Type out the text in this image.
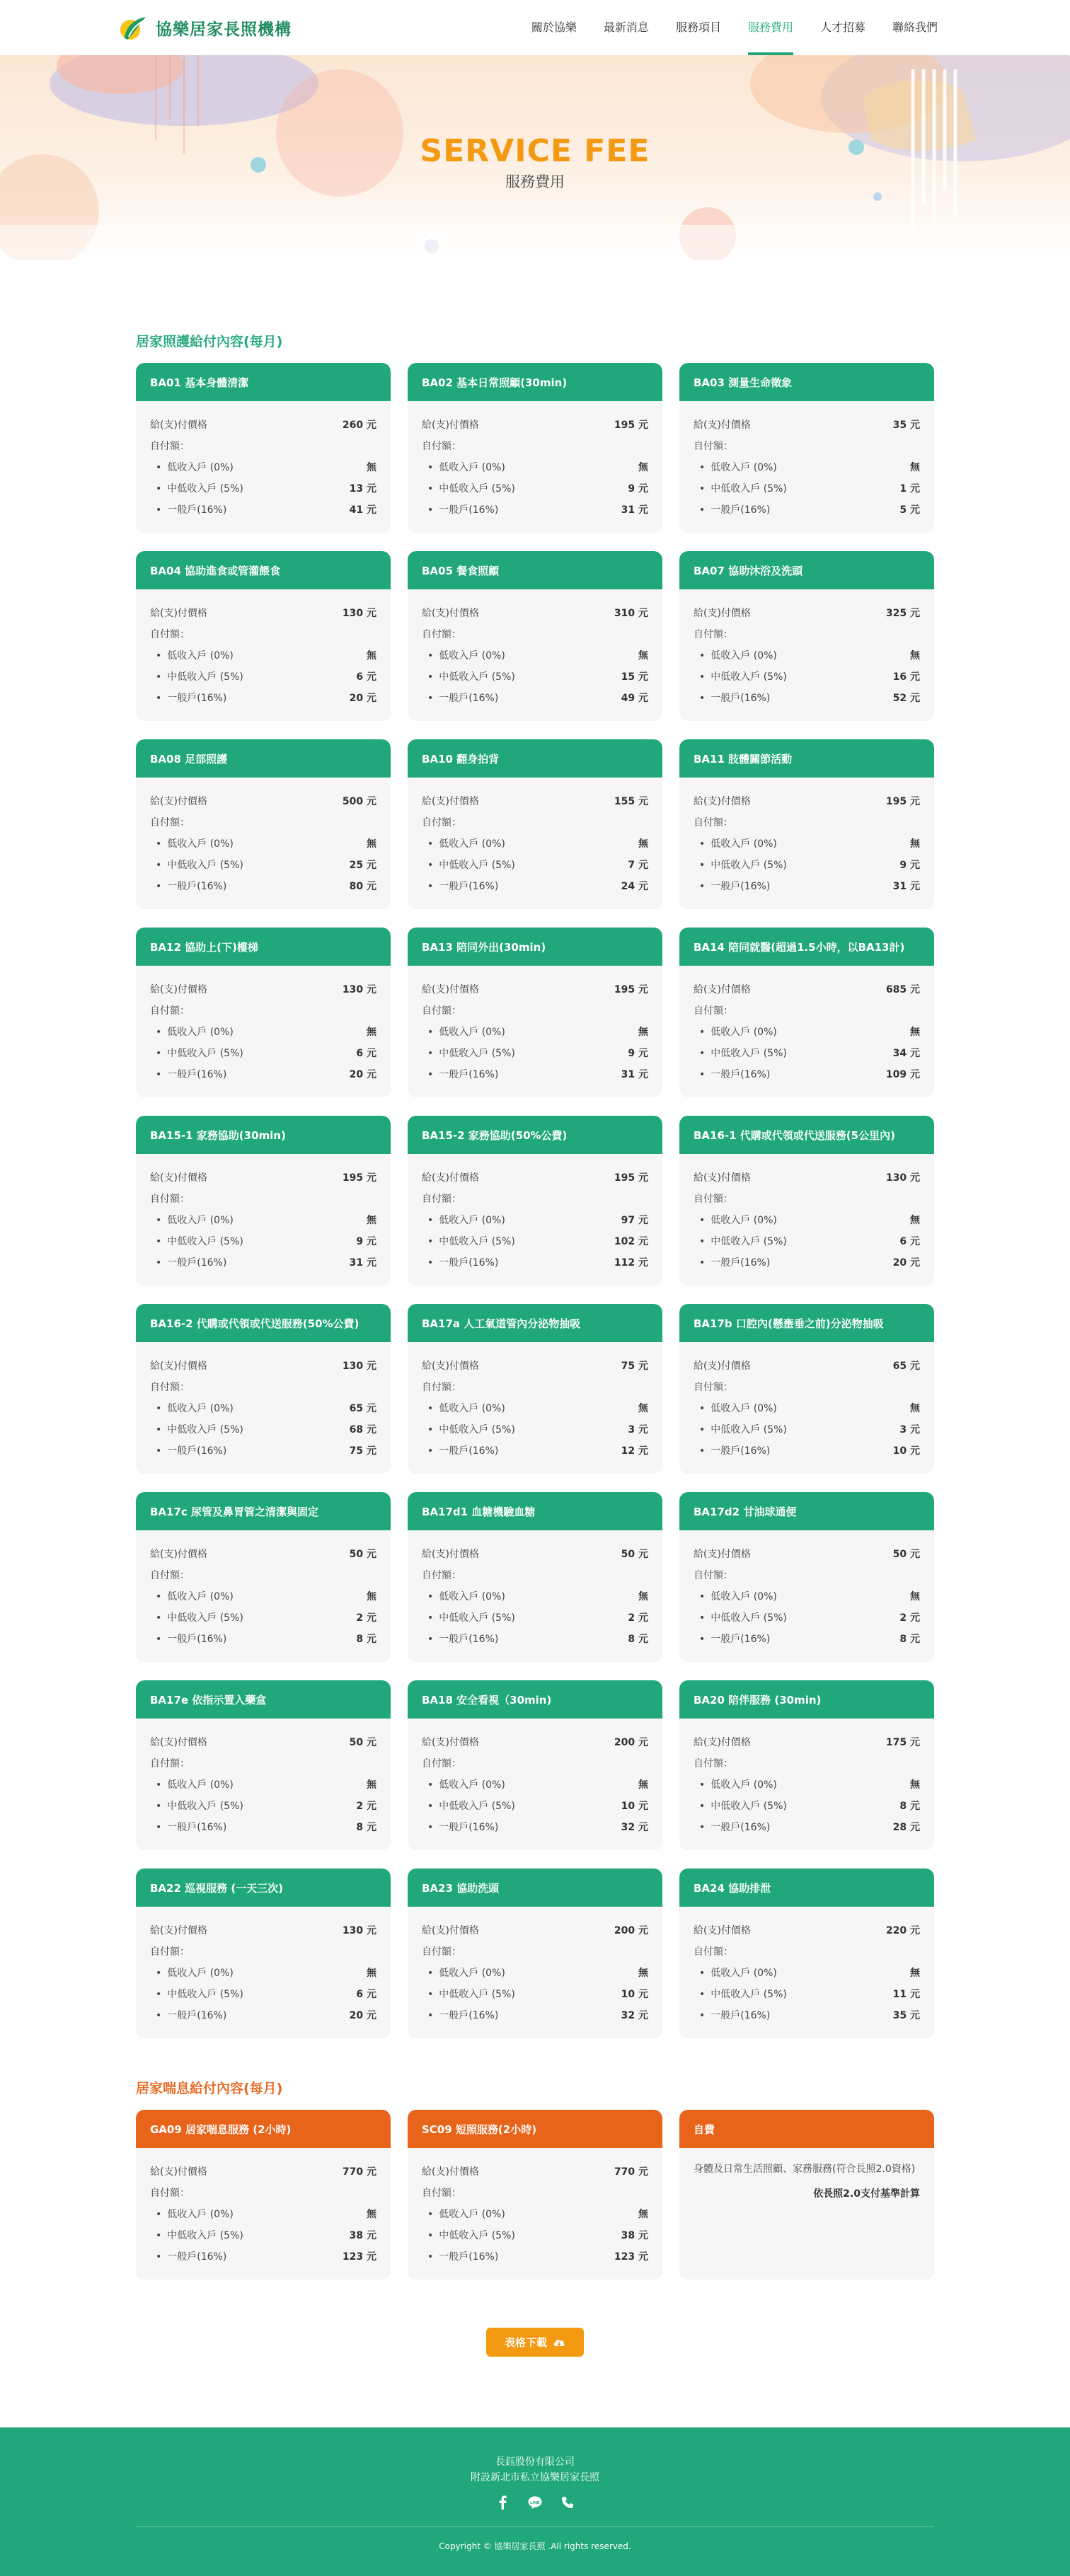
協樂居家長照機構	關於協樂	最新消息	服務項目	服務費用	人才招募	聯絡我們
SERVICE FEE
服務費用
居家照護給付內容(每月)
BA01 基本身體清潔
給(支)付價格	260 元
自付額：
• 低收入戶 (0%)	無
• 中低收入戶 (5%)	13 元
• 一般戶(16%)	41 元
BA02 基本日常照顧(30min)
給(支)付價格	195 元
自付額：
• 低收入戶 (0%)	無
• 中低收入戶 (5%)	9 元
• 一般戶(16%)	31 元
BA03 測量生命徵象
給(支)付價格	35 元
自付額：
• 低收入戶 (0%)	無
• 中低收入戶 (5%)	1 元
• 一般戶(16%)	5 元
BA04 協助進食或管灌餵食
給(支)付價格	130 元
自付額：
• 低收入戶 (0%)	無
• 中低收入戶 (5%)	6 元
• 一般戶(16%)	20 元
BA05 餐食照顧
給(支)付價格	310 元
自付額：
• 低收入戶 (0%)	無
• 中低收入戶 (5%)	15 元
• 一般戶(16%)	49 元
BA07 協助沐浴及洗頭
給(支)付價格	325 元
自付額：
• 低收入戶 (0%)	無
• 中低收入戶 (5%)	16 元
• 一般戶(16%)	52 元
BA08 足部照護
給(支)付價格	500 元
自付額：
• 低收入戶 (0%)	無
• 中低收入戶 (5%)	25 元
• 一般戶(16%)	80 元
BA10 翻身拍背
給(支)付價格	155 元
自付額：
• 低收入戶 (0%)	無
• 中低收入戶 (5%)	7 元
• 一般戶(16%)	24 元
BA11 肢體關節活動
給(支)付價格	195 元
自付額：
• 低收入戶 (0%)	無
• 中低收入戶 (5%)	9 元
• 一般戶(16%)	31 元
BA12 協助上(下)樓梯
給(支)付價格	130 元
自付額：
• 低收入戶 (0%)	無
• 中低收入戶 (5%)	6 元
• 一般戶(16%)	20 元
BA13 陪同外出(30min)
給(支)付價格	195 元
自付額：
• 低收入戶 (0%)	無
• 中低收入戶 (5%)	9 元
• 一般戶(16%)	31 元
BA14 陪同就醫(超過1.5小時，以BA13計)
給(支)付價格	685 元
自付額：
• 低收入戶 (0%)	無
• 中低收入戶 (5%)	34 元
• 一般戶(16%)	109 元
BA15-1 家務協助(30min)
給(支)付價格	195 元
自付額：
• 低收入戶 (0%)	無
• 中低收入戶 (5%)	9 元
• 一般戶(16%)	31 元
BA15-2 家務協助(50%公費)
給(支)付價格	195 元
自付額：
• 低收入戶 (0%)	97 元
• 中低收入戶 (5%)	102 元
• 一般戶(16%)	112 元
BA16-1 代購或代領或代送服務(5公里內)
給(支)付價格	130 元
自付額：
• 低收入戶 (0%)	無
• 中低收入戶 (5%)	6 元
• 一般戶(16%)	20 元
BA16-2 代購或代領或代送服務(50%公費)
給(支)付價格	130 元
自付額：
• 低收入戶 (0%)	65 元
• 中低收入戶 (5%)	68 元
• 一般戶(16%)	75 元
BA17a 人工氣道管內分泌物抽吸
給(支)付價格	75 元
自付額：
• 低收入戶 (0%)	無
• 中低收入戶 (5%)	3 元
• 一般戶(16%)	12 元
BA17b 口腔內(懸壅垂之前)分泌物抽吸
給(支)付價格	65 元
自付額：
• 低收入戶 (0%)	無
• 中低收入戶 (5%)	3 元
• 一般戶(16%)	10 元
BA17c 尿管及鼻胃管之清潔與固定
給(支)付價格	50 元
自付額：
• 低收入戶 (0%)	無
• 中低收入戶 (5%)	2 元
• 一般戶(16%)	8 元
BA17d1 血糖機驗血糖
給(支)付價格	50 元
自付額：
• 低收入戶 (0%)	無
• 中低收入戶 (5%)	2 元
• 一般戶(16%)	8 元
BA17d2 甘油球通便
給(支)付價格	50 元
自付額：
• 低收入戶 (0%)	無
• 中低收入戶 (5%)	2 元
• 一般戶(16%)	8 元
BA17e 依指示置入藥盒
給(支)付價格	50 元
自付額：
• 低收入戶 (0%)	無
• 中低收入戶 (5%)	2 元
• 一般戶(16%)	8 元
BA18 安全看視（30min)
給(支)付價格	200 元
自付額：
• 低收入戶 (0%)	無
• 中低收入戶 (5%)	10 元
• 一般戶(16%)	32 元
BA20 陪伴服務 (30min)
給(支)付價格	175 元
自付額：
• 低收入戶 (0%)	無
• 中低收入戶 (5%)	8 元
• 一般戶(16%)	28 元
BA22 巡視服務 (一天三次)
給(支)付價格	130 元
自付額：
• 低收入戶 (0%)	無
• 中低收入戶 (5%)	6 元
• 一般戶(16%)	20 元
BA23 協助洗頭
給(支)付價格	200 元
自付額：
• 低收入戶 (0%)	無
• 中低收入戶 (5%)	10 元
• 一般戶(16%)	32 元
BA24 協助排泄
給(支)付價格	220 元
自付額：
• 低收入戶 (0%)	無
• 中低收入戶 (5%)	11 元
• 一般戶(16%)	35 元
居家喘息給付內容(每月)
GA09 居家喘息服務 (2小時)
給(支)付價格	770 元
自付額：
• 低收入戶 (0%)	無
• 中低收入戶 (5%)	38 元
• 一般戶(16%)	123 元
SC09 短照服務(2小時)
給(支)付價格	770 元
自付額：
• 低收入戶 (0%)	無
• 中低收入戶 (5%)	38 元
• 一般戶(16%)	123 元
自費
身體及日常生活照顧、家務服務(符合長照2.0資格)
依長照2.0支付基準計算
表格下載
長鈺股份有限公司
附設新北市私立協樂居家長照
LINE
Copyright © 協樂居家長照 .All rights reserved.
